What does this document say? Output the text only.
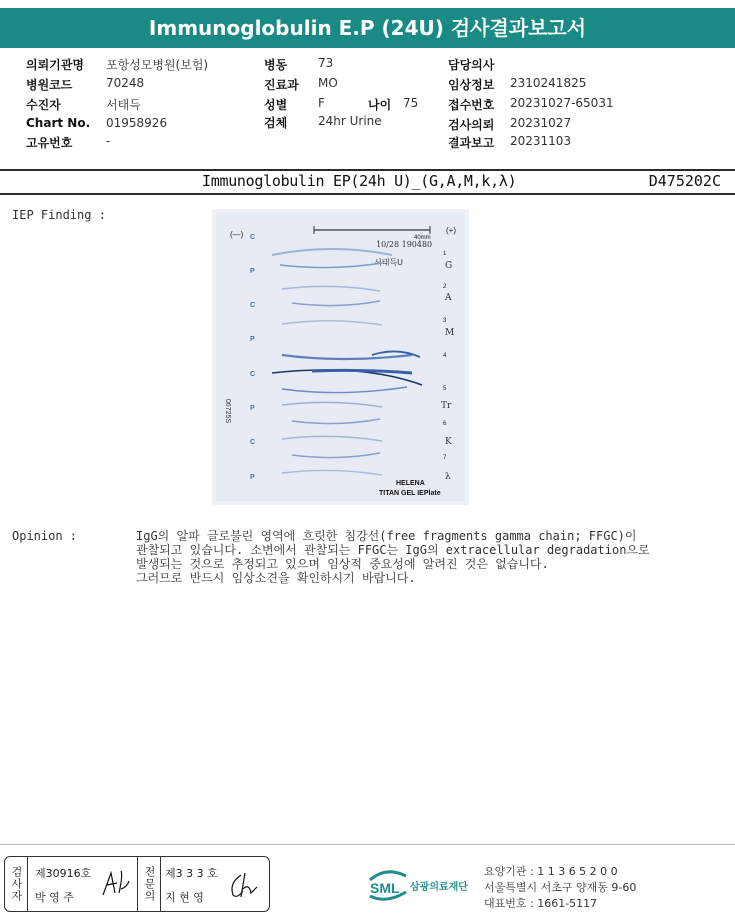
Immunoglobulin E.P (24U) 검사결과보고서
의뢰기관명 포항성모병원(보험)
병원코드	70248
수진자	서태득
Chart No. 01958926
고유번호	-
병동	73
진료과 MO
성별	F	나이 75
검체	24hr Urine
담당의사
임상정보 2310241825
접수번호 20231027-65031
검사의뢰 20231027
결과보고 20231103
Immunoglobulin EP(24h U)_(G,A,M,k,λ)	D475202C
IEP Finding :
40mm
(—)	(+)
10/28 190480
서태득U
C
P
C
P
C
P
C
P
1
G
2
A
3
M
4
5
Tr
6
K
7
λ
06725S
HELENA
TITAN GEL IEPlate
Opinion :	IgG의 알파 글로불린 영역에 흐릿한 침강선(free fragments gamma chain; FFGC)이
관찰되고 있습니다. 소변에서 관찰되는 FFGC는 IgG의 extracellular degradation으로
발생되는 것으로 추정되고 있으며 임상적 중요성에 알려진 것은 없습니다.
그러므로 반드시 임상소견을 확인하시기 바랍니다.
검사자 제30916호
박 영 주	전문의 제3 3 3 호
지 현 영
SML 삼광의료재단
요양기관 : 1 1 3 6 5 2 0 0
서울특별시 서초구 양재동 9-60
대표번호 : 1661-5117
